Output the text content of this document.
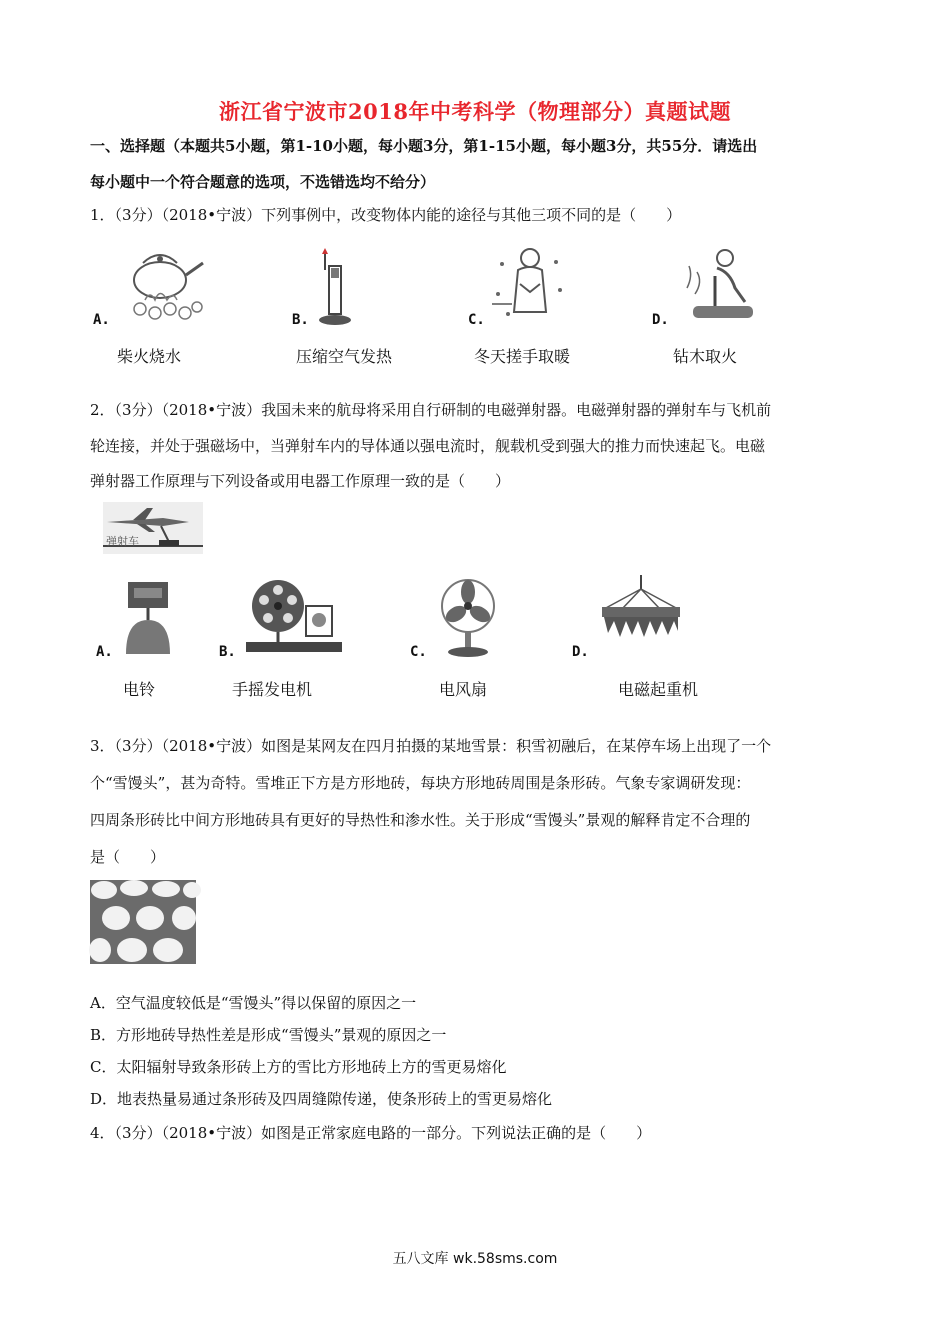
浙江省宁波市2018年中考科学（物理部分）真题试题
一、选择题（本题共5小题，第1-10小题，每小题3分，第1-15小题，每小题3分，共55分．请选出
每小题中一个符合题意的选项，不选错选均不给分）
1．（3分）（2018•宁波）下列事例中，改变物体内能的途径与其他三项不同的是（　　）
A.
柴火烧水
B.
压缩空气发热
C.
冬天搓手取暖
D.
钻木取火
2．（3分）（2018•宁波）我国未来的航母将采用自行研制的电磁弹射器。电磁弹射器的弹射车与飞机前
轮连接，并处于强磁场中，当弹射车内的导体通以强电流时，舰载机受到强大的推力而快速起飞。电磁
弹射器工作原理与下列设备或用电器工作原理一致的是（　　）
弹射车
A.
电铃
B.
手摇发电机
C.
电风扇
D.
电磁起重机
3．（3分）（2018•宁波）如图是某网友在四月拍摄的某地雪景：积雪初融后，在某停车场上出现了一个
个“雪馒头”，甚为奇特。雪堆正下方是方形地砖，每块方形地砖周围是条形砖。气象专家调研发现：
四周条形砖比中间方形地砖具有更好的导热性和渗水性。关于形成“雪馒头”景观的解释肯定不合理的
是（　　）
A．空气温度较低是“雪馒头”得以保留的原因之一
B．方形地砖导热性差是形成“雪馒头”景观的原因之一
C．太阳辐射导致条形砖上方的雪比方形地砖上方的雪更易熔化
D．地表热量易通过条形砖及四周缝隙传递，使条形砖上的雪更易熔化
4．（3分）（2018•宁波）如图是正常家庭电路的一部分。下列说法正确的是（　　）
五八文库 wk.58sms.com
